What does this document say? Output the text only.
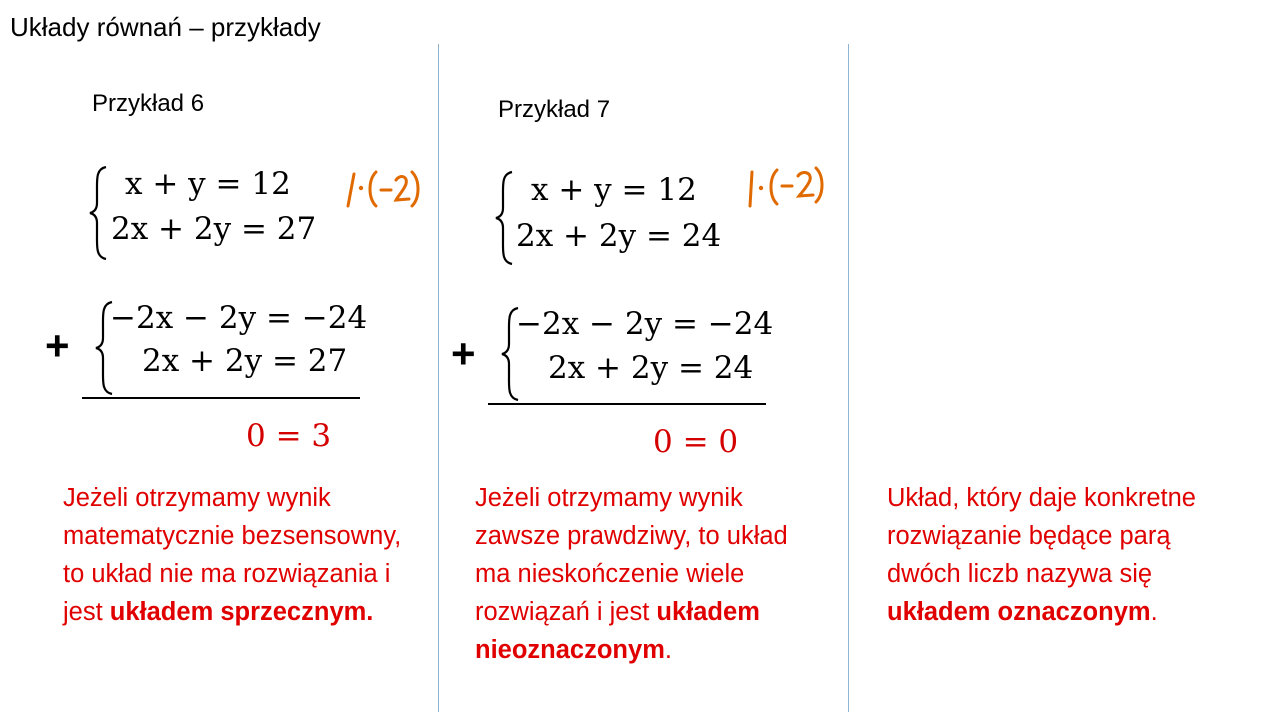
Układy równań – przykłady
Przykład 6
x + y = 12
2x + 2y = 27
+
−2x − 2y = −24
2x + 2y = 27
0 = 3
Jeżeli otrzymamy wynik matematycznie bezsensowny, to układ nie ma rozwiązania i jest układem sprzecznym.
Przykład 7
x + y = 12
2x + 2y = 24
+
−2x − 2y = −24
2x + 2y = 24
0 = 0
Jeżeli otrzymamy wynik zawsze prawdziwy, to układ ma nieskończenie wiele rozwiązań i jest układem nieoznaczonym.
Układ, który daje konkretne rozwiązanie będące parą dwóch liczb nazywa się układem oznaczonym.
